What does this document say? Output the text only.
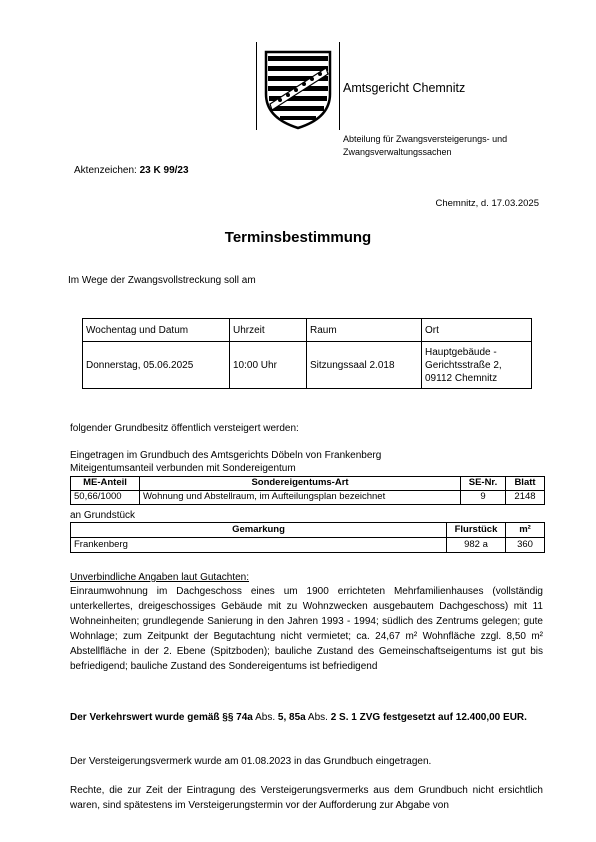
Amtsgericht Chemnitz
Abteilung für Zwangsversteigerungs- und Zwangsverwaltungssachen
Aktenzeichen: 23 K 99/23
Chemnitz, d. 17.03.2025
Terminsbestimmung
Im Wege der Zwangsvollstreckung soll am
Wochentag und Datum	Uhrzeit	Raum	Ort
Donnerstag, 05.06.2025	10:00 Uhr	Sitzungssaal 2.018	Hauptgebäude - Gerichtsstraße 2, 09112 Chemnitz
folgender Grundbesitz öffentlich versteigert werden:
Eingetragen im Grundbuch des Amtsgerichts Döbeln von Frankenberg
Miteigentumsanteil verbunden mit Sondereigentum
ME-Anteil	Sondereigentums-Art	SE-Nr.	Blatt
50,66/1000	Wohnung und Abstellraum, im Aufteilungsplan bezeichnet	9	2148
an Grundstück
Gemarkung	Flurstück	m²
Frankenberg	982 a	360
Unverbindliche Angaben laut Gutachten:
Einraumwohnung im Dachgeschoss eines um 1900 errichteten Mehrfamilienhauses (vollständig unterkellertes, dreigeschossiges Gebäude mit zu Wohnzwecken ausgebautem Dachgeschoss) mit 11 Wohneinheiten; grundlegende Sanierung in den Jahren 1993 - 1994; südlich des Zentrums gelegen; gute Wohnlage; zum Zeitpunkt der Begutachtung nicht vermietet; ca. 24,67 m² Wohnfläche zzgl. 8,50 m² Abstellfläche in der 2. Ebene (Spitzboden); bauliche Zustand des Gemeinschaftseigentums ist gut bis befriedigend; bauliche Zustand des Sondereigentums ist befriedigend
Der Verkehrswert wurde gemäß §§ 74a Abs. 5, 85a Abs. 2 S. 1 ZVG festgesetzt auf 12.400,00 EUR.
Der Versteigerungsvermerk wurde am 01.08.2023 in das Grundbuch eingetragen.
Rechte, die zur Zeit der Eintragung des Versteigerungsvermerks aus dem Grundbuch nicht ersichtlich waren, sind spätestens im Versteigerungstermin vor der Aufforderung zur Abgabe von
